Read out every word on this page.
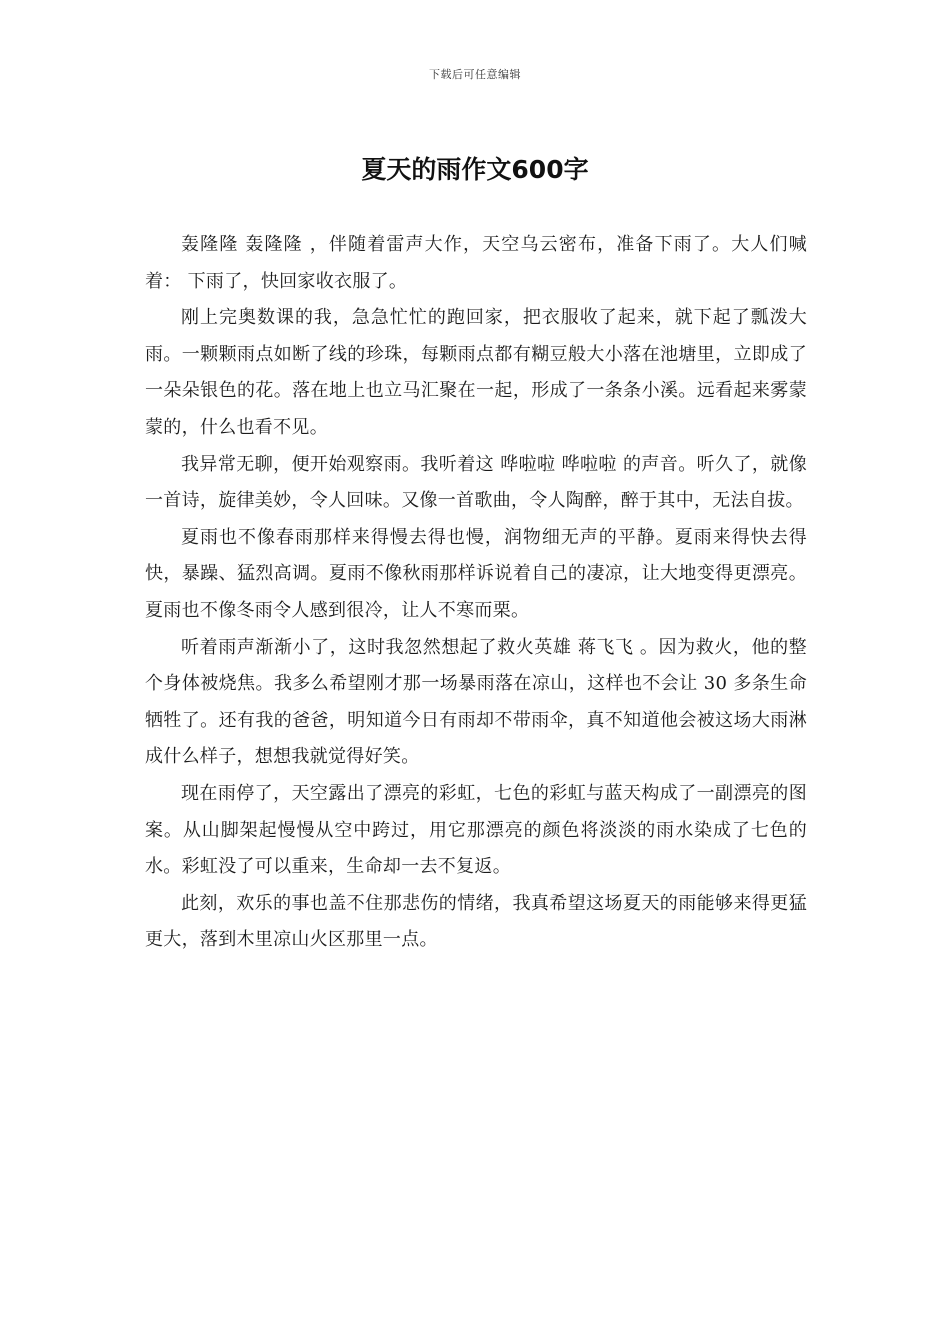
下载后可任意编辑
夏天的雨作文600字

轰隆隆 轰隆隆 ，伴随着雷声大作，天空乌云密布，准备下雨了。大人们喊着： 下雨了，快回家收衣服了。

刚上完奥数课的我，急急忙忙的跑回家，把衣服收了起来，就下起了瓢泼大雨。一颗颗雨点如断了线的珍珠，每颗雨点都有糊豆般大小落在池塘里，立即成了一朵朵银色的花。落在地上也立马汇聚在一起，形成了一条条小溪。远看起来雾蒙蒙的，什么也看不见。

我异常无聊，便开始观察雨。我听着这 哗啦啦 哗啦啦 的声音。听久了，就像一首诗，旋律美妙，令人回味。又像一首歌曲，令人陶醉，醉于其中，无法自拔。

夏雨也不像春雨那样来得慢去得也慢，润物细无声的平静。夏雨来得快去得快，暴躁、猛烈高调。夏雨不像秋雨那样诉说着自己的凄凉，让大地变得更漂亮。夏雨也不像冬雨令人感到很冷，让人不寒而栗。

听着雨声渐渐小了，这时我忽然想起了救火英雄 蒋飞飞 。因为救火，他的整个身体被烧焦。我多么希望刚才那一场暴雨落在凉山，这样也不会让 30 多条生命牺牲了。还有我的爸爸，明知道今日有雨却不带雨伞，真不知道他会被这场大雨淋成什么样子，想想我就觉得好笑。

现在雨停了，天空露出了漂亮的彩虹，七色的彩虹与蓝天构成了一副漂亮的图案。从山脚架起慢慢从空中跨过，用它那漂亮的颜色将淡淡的雨水染成了七色的水。彩虹没了可以重来，生命却一去不复返。

此刻，欢乐的事也盖不住那悲伤的情绪，我真希望这场夏天的雨能够来得更猛更大，落到木里凉山火区那里一点。
